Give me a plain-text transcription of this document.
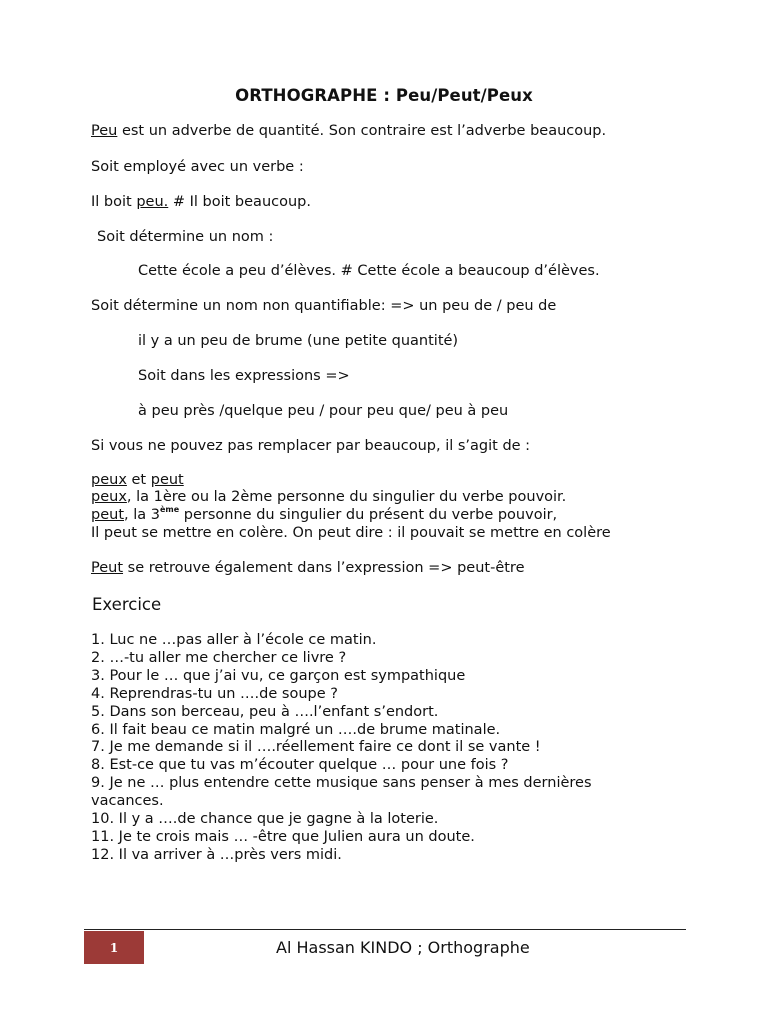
ORTHOGRAPHE : Peu/Peut/Peux
Peu est un adverbe de quantité. Son contraire est l’adverbe beaucoup.
Soit employé avec un verbe :
Il boit peu. # Il boit beaucoup.
Soit détermine un nom :
Cette école a peu d’élèves. # Cette école a beaucoup d’élèves.
Soit détermine un nom non quantifiable: => un peu de / peu de
il y a un peu de brume (une petite quantité)
Soit dans les expressions =>
à peu près /quelque peu / pour peu que/ peu à peu
Si vous ne pouvez pas remplacer par beaucoup, il s’agit de :
peux et peut
peux, la 1ère ou la 2ème personne du singulier du verbe pouvoir.
peut, la 3ème personne du singulier du présent du verbe pouvoir,
Il peut se mettre en colère. On peut dire : il pouvait se mettre en colère
Peut se retrouve également dans l’expression => peut-être
Exercice
1. Luc ne …pas aller à l’école ce matin.
2. …-tu aller me chercher ce livre ?
3. Pour le … que j’ai vu, ce garçon est sympathique
4. Reprendras-tu un ….de soupe ?
5. Dans son berceau, peu à ….l’enfant s’endort.
6. Il fait beau ce matin malgré un ….de brume matinale.
7. Je me demande si il ….réellement faire ce dont il se vante !
8. Est-ce que tu vas m’écouter quelque … pour une fois ?
9. Je ne … plus entendre cette musique sans penser à mes dernières
vacances.
10. Il y a ….de chance que je gagne à la loterie.
11. Je te crois mais … -être que Julien aura un doute.
12. Il va arriver à …près vers midi.
1	Al Hassan KINDO ; Orthographe
